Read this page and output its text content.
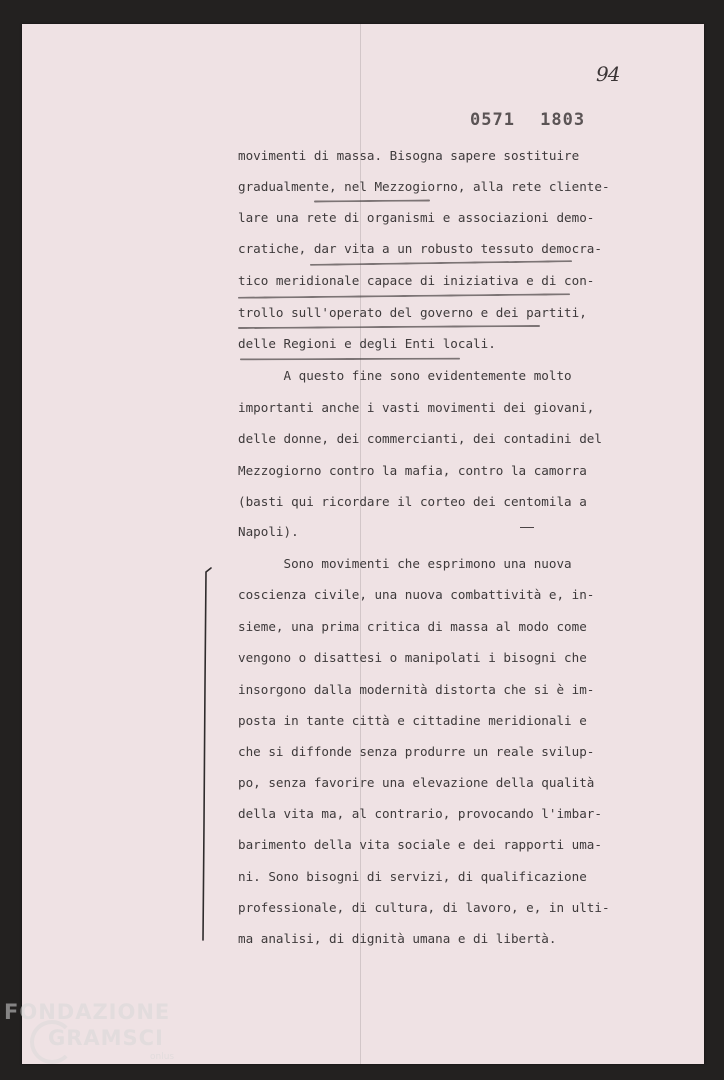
94
0571 1803
movimenti di massa. Bisogna sapere sostituire
gradualmente, nel Mezzogiorno, alla rete cliente-
lare una rete di organismi e associazioni demo-
cratiche, dar vita a un robusto tessuto democra-
tico meridionale capace di iniziativa e di con-
trollo sull'operato del governo e dei partiti,
delle Regioni e degli Enti locali.
A questo fine sono evidentemente molto
importanti anche i vasti movimenti dei giovani,
delle donne, dei commercianti, dei contadini del
Mezzogiorno contro la mafia, contro la camorra
(basti qui ricordare il corteo dei centomila a
Napoli).
Sono movimenti che esprimono una nuova
coscienza civile, una nuova combattività e, in-
sieme, una prima critica di massa al modo come
vengono o disattesi o manipolati i bisogni che
insorgono dalla modernità distorta che si è im-
posta in tante città e cittadine meridionali e
che si diffonde senza produrre un reale svilup-
po, senza favorire una elevazione della qualità
della vita ma, al contrario, provocando l'imbar-
barimento della vita sociale e dei rapporti uma-
ni. Sono bisogni di servizi, di qualificazione
professionale, di cultura, di lavoro, e, in ulti-
ma analisi, di dignità umana e di libertà.
FONDAZIONE
GRAMSCI
onlus
